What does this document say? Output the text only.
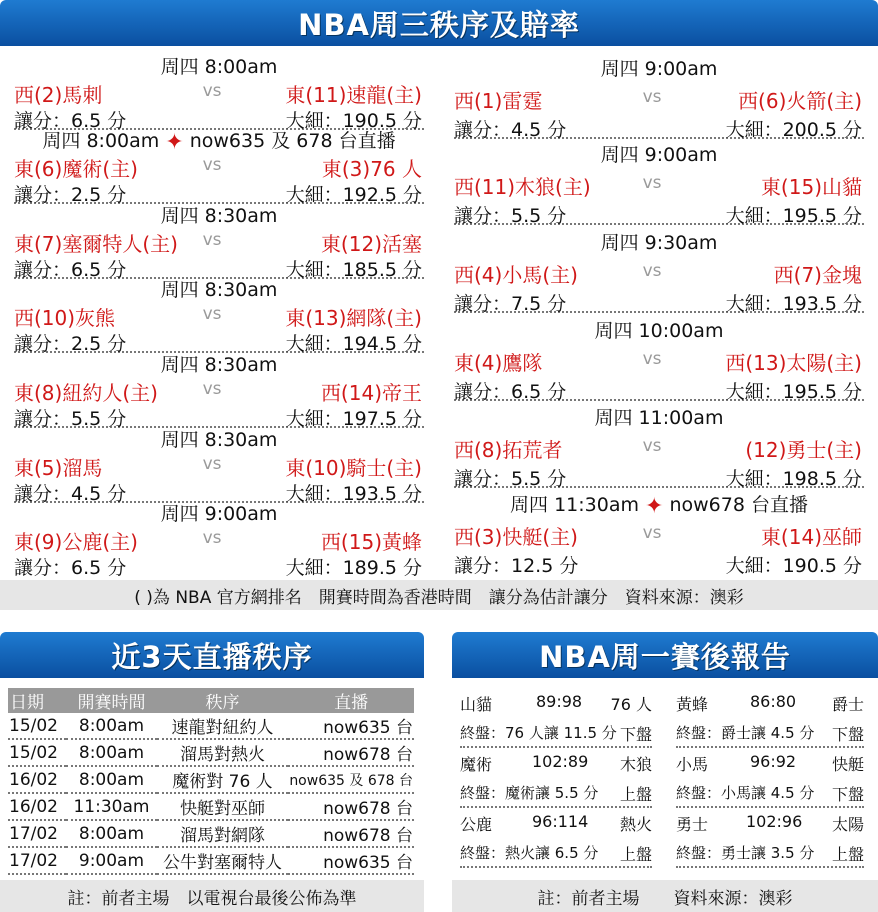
NBA周三秩序及賠率
周四 8:00am
西(2)馬刺	vs	東(11)速龍(主)
讓分：6.5 分	大細：190.5 分
周四 8:00am ✦ now635 及 678 台直播
東(6)魔術(主)	vs	東(3)76 人
讓分：2.5 分	大細：192.5 分
周四 8:30am
東(7)塞爾特人(主) vs	東(12)活塞
讓分：6.5 分	大細：185.5 分
周四 8:30am
西(10)灰熊	vs	東(13)網隊(主)
讓分：2.5 分	大細：194.5 分
周四 8:30am
東(8)紐約人(主)	vs	西(14)帝王
讓分：5.5 分	大細：197.5 分
周四 8:30am
東(5)溜馬	vs	東(10)騎士(主)
讓分：4.5 分	大細：193.5 分
周四 9:00am
東(9)公鹿(主)	vs	西(15)黃蜂
讓分：6.5 分	大細：189.5 分
周四 9:00am
西(1)雷霆	vs	西(6)火箭(主)
讓分：4.5 分	大細：200.5 分
周四 9:00am
西(11)木狼(主)	vs	東(15)山貓
讓分：5.5 分	大細：195.5 分
周四 9:30am
西(4)小馬(主)	vs	西(7)金塊
讓分：7.5 分	大細：193.5 分
周四 10:00am
東(4)鷹隊	vs	西(13)太陽(主)
讓分：6.5 分	大細：195.5 分
周四 11:00am
西(8)拓荒者	vs	(12)勇士(主)
讓分：5.5 分	大細：198.5 分
周四 11:30am ✦ now678 台直播
西(3)快艇(主)	vs	東(14)巫師
讓分：12.5 分	大細：190.5 分
( )為 NBA 官方網排名　開賽時間為香港時間　讓分為估計讓分　資料來源：澳彩
近3天直播秩序
日期	開賽時間	秩序	直播
15/02	8:00am	速龍對紐約人	now635 台
15/02	8:00am	溜馬對熱火	now678 台
16/02	8:00am	魔術對 76 人	now635 及 678 台
16/02	11:30am	快艇對巫師	now678 台
17/02	8:00am	溜馬對網隊	now678 台
17/02	9:00am	公牛對塞爾特人	now635 台
註：前者主場　以電視台最後公佈為準
NBA周一賽後報告
山貓	89:98 76 人
終盤：76 人讓 11.5 分 下盤
魔術 102:89 木狼
終盤：魔術讓 5.5 分 上盤
公鹿 96:114 熱火
終盤：熱火讓 6.5 分 上盤
黃蜂	86:80 爵士
終盤：爵士讓 4.5 分 下盤
小馬	96:92 快艇
終盤：小馬讓 4.5 分 下盤
勇士 102:96 太陽
終盤：勇士讓 3.5 分 上盤
註：前者主場　　資料來源：澳彩
